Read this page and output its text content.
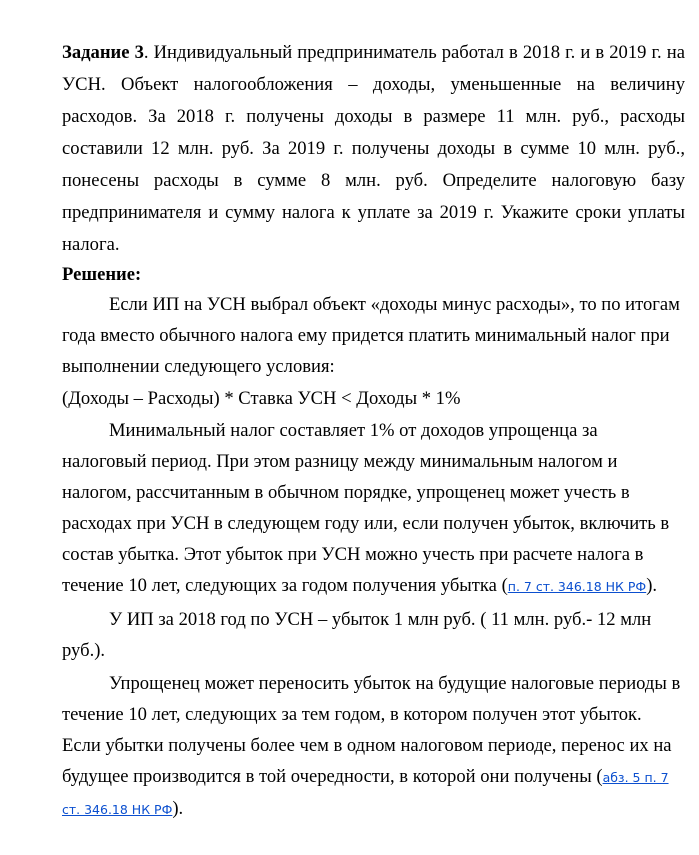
Задание 3. Индивидуальный предприниматель работал в 2018 г. и в 2019 г. на УСН. Объект налогообложения – доходы, уменьшенные на величину расходов. За 2018 г. получены доходы в размере 11 млн. руб., расходы составили 12 млн. руб. За 2019 г. получены доходы в сумме 10 млн. руб., понесены расходы в сумме 8 млн. руб. Определите налоговую базу предпринимателя и сумму налога к уплате за 2019 г. Укажите сроки уплаты налога.

Решение:

Если ИП на УСН выбрал объект «доходы минус расходы», то по итогам года вместо обычного налога ему придется платить минимальный налог при выполнении следующего условия:

(Доходы – Расходы) * Ставка УСН < Доходы * 1%

Минимальный налог составляет 1% от доходов упрощенца за налоговый период. При этом разницу между минимальным налогом и налогом, рассчитанным в обычном порядке, упрощенец может учесть в расходах при УСН в следующем году или, если получен убыток, включить в состав убытка. Этот убыток при УСН можно учесть при расчете налога в течение 10 лет, следующих за годом получения убытка (п. 7 ст. 346.18 НК РФ).

У ИП за 2018 год по УСН – убыток 1 млн руб. ( 11 млн. руб.- 12 млн руб.).

Упрощенец может переносить убыток на будущие налоговые периоды в течение 10 лет, следующих за тем годом, в котором получен этот убыток. Если убытки получены более чем в одном налоговом периоде, перенос их на будущее производится в той очередности, в которой они получены (абз. 5 п. 7 ст. 346.18 НК РФ).
